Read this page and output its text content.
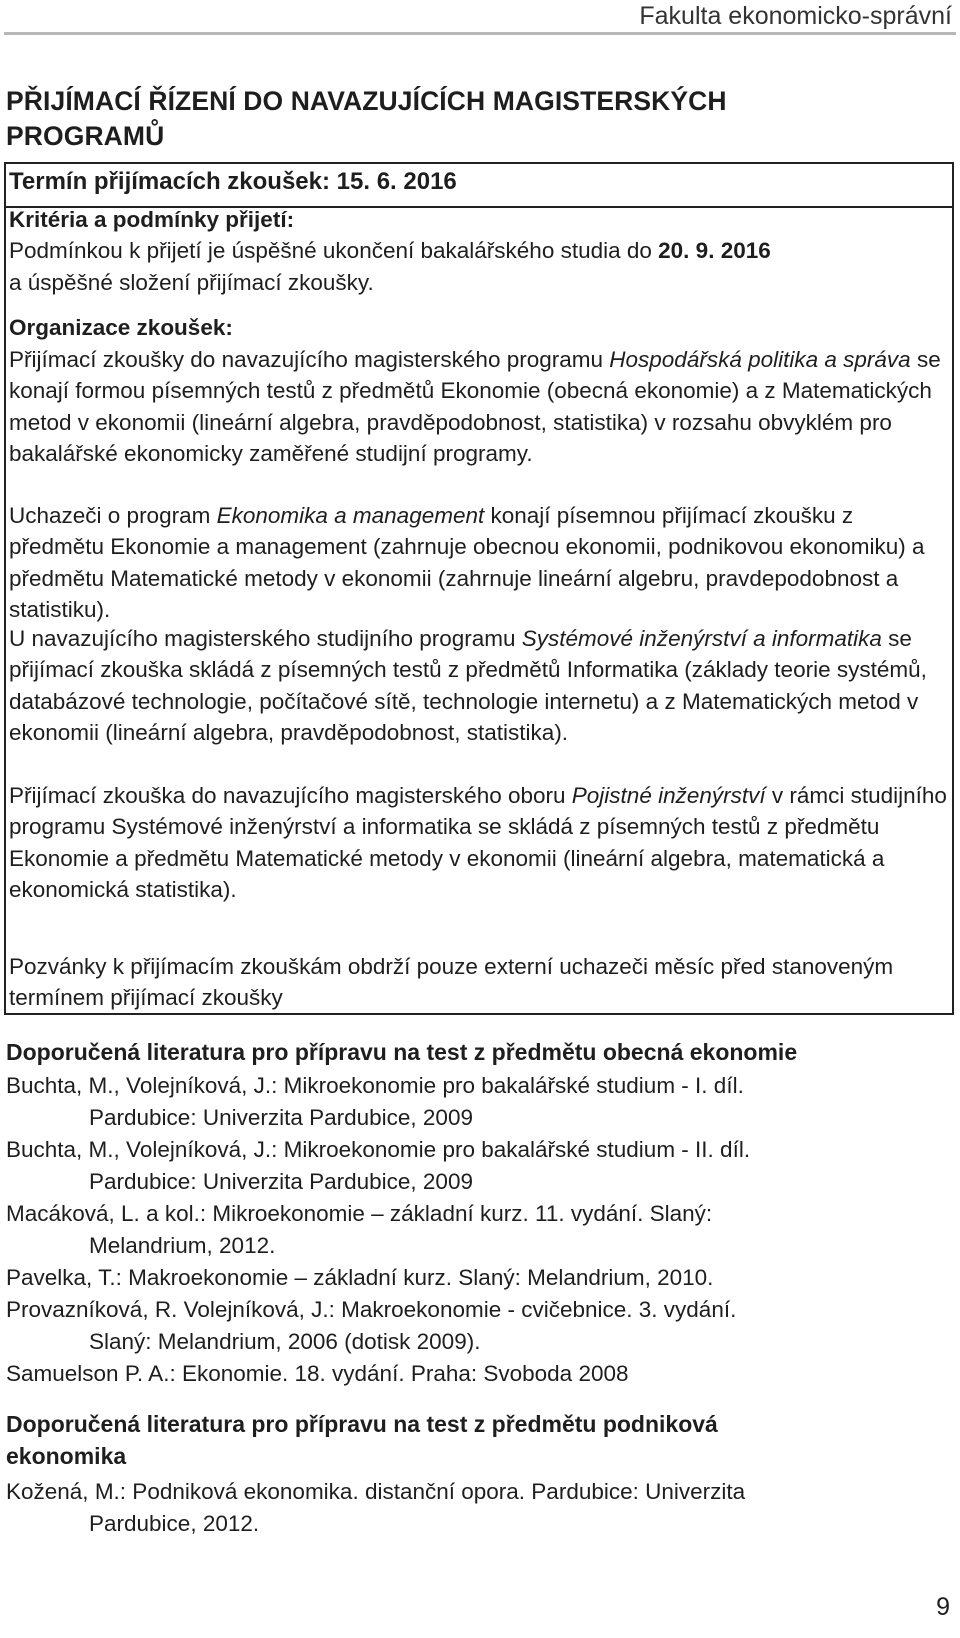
Fakulta ekonomicko-správní
PŘIJÍMACÍ ŘÍZENÍ DO NAVAZUJÍCÍCH MAGISTERSKÝCH
PROGRAMŮ
Termín přijímacích zkoušek: 15. 6. 2016
Kritéria a podmínky přijetí:
Podmínkou k přijetí je úspěšné ukončení bakalářského studia do 20. 9. 2016
a úspěšné složení přijímací zkoušky.
Organizace zkoušek:
Přijímací zkoušky do navazujícího magisterského programu Hospodářská politika a správa se konají formou písemných testů z předmětů Ekonomie (obecná ekonomie) a z Matematických metod v ekonomii (lineární algebra, pravděpodobnost, statistika) v rozsahu obvyklém pro bakalářské ekonomicky zaměřené studijní programy.
Uchazeči o program Ekonomika a management konají písemnou přijímací zkoušku z předmětu Ekonomie a management (zahrnuje obecnou ekonomii, podnikovou ekonomiku) a předmětu Matematické metody v ekonomii (zahrnuje lineární algebru, pravdepodobnost a statistiku).
U navazujícího magisterského studijního programu Systémové inženýrství a informatika se přijímací zkouška skládá z písemných testů z předmětů Informatika (základy teorie systémů, databázové technologie, počítačové sítě, technologie internetu) a z Matematických metod v ekonomii (lineární algebra, pravděpodobnost, statistika).
Přijímací zkouška do navazujícího magisterského oboru Pojistné inženýrství v rámci studijního programu Systémové inženýrství a informatika se skládá z písemných testů z předmětu Ekonomie a předmětu Matematické metody v ekonomii (lineární algebra, matematická a ekonomická statistika).
Pozvánky k přijímacím zkouškám obdrží pouze externí uchazeči měsíc před stanoveným termínem přijímací zkoušky
Doporučená literatura pro přípravu na test z předmětu obecná ekonomie
Buchta, M., Volejníková, J.: Mikroekonomie pro bakalářské studium - I. díl.
Pardubice: Univerzita Pardubice, 2009
Buchta, M., Volejníková, J.: Mikroekonomie pro bakalářské studium - II. díl.
Pardubice: Univerzita Pardubice, 2009
Macáková, L. a kol.: Mikroekonomie – základní kurz. 11. vydání. Slaný:
Melandrium, 2012.
Pavelka, T.: Makroekonomie – základní kurz. Slaný: Melandrium, 2010.
Provazníková, R. Volejníková, J.: Makroekonomie - cvičebnice. 3. vydání.
Slaný: Melandrium, 2006 (dotisk 2009).
Samuelson P. A.: Ekonomie. 18. vydání. Praha: Svoboda 2008
Doporučená literatura pro přípravu na test z předmětu podniková
ekonomika
Kožená, M.: Podniková ekonomika. distanční opora. Pardubice: Univerzita
Pardubice, 2012.
9
